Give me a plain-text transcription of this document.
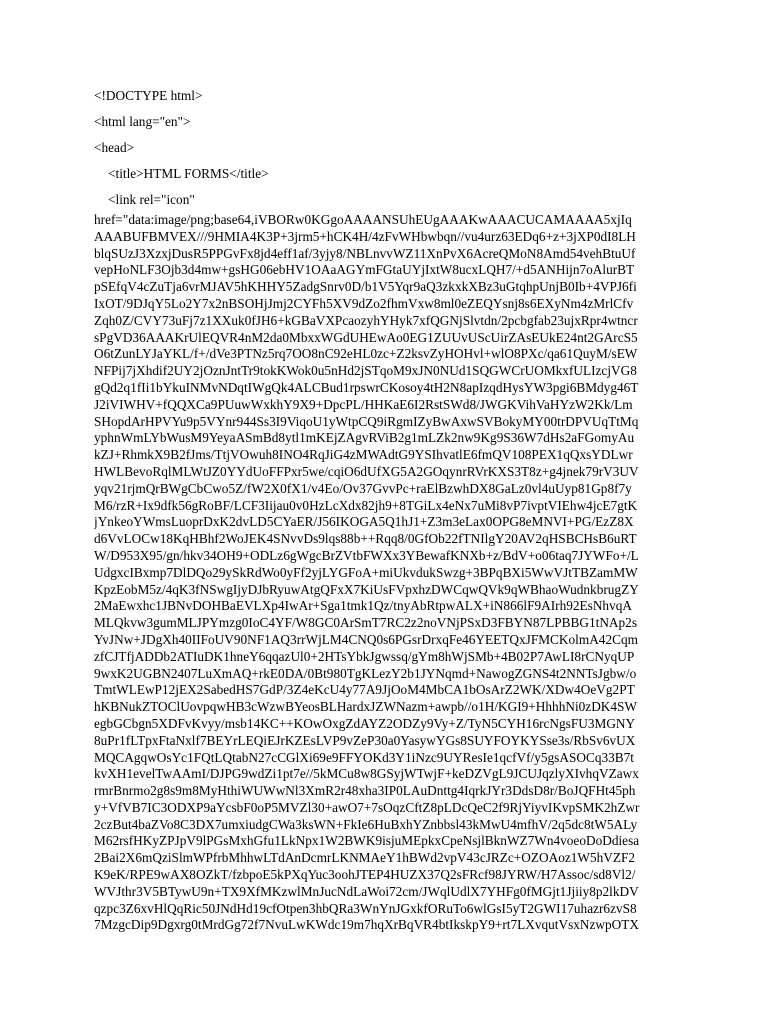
<!DOCTYPE html>

<html lang="en">

<head>

<title>HTML FORMS</title>

<link rel="icon"

href="data:image/png;base64,iVBORw0KGgoAAAANSUhEUgAAAKwAAACUCAMAAAA5xjIq
AAABUFBMVEX///9HMIA4K3P+3jrm5+hCK4H/4zFvWHbwbqn//vu4urz63EDq6+z+3jXP0dI8LH
blqSUzJ3XzxjDusR5PPGvFx8jd4eff1af/3yjy8/NBLnvvWZ11XnPvX6AcreQMoN8Amd54vehBtuUf
vepHoNLF3Ojb3d4mw+gsHG06ebHV1OAaAGYmFGtaUYjIxtW8ucxLQH7/+d5ANHijn7oAlurBT
pSEfqV4cZuTja6vrMJAV5hKHHY5ZadgSnrv0D/b1V5Yqr9aQ3zkxkXBz3uGtqhpUnjB0Ib+4VPJ6fi
IxOT/9DJqY5Lo2Y7x2nBSOHjJmj2CYFh5XV9dZo2fhmVxw8ml0eZEQYsnj8s6EXyNm4zMrlCfv
Zqh0Z/CVY73uFj7z1XXuk0fJH6+kGBaVXPcaozyhYHyk7xfQGNjSlvtdn/2pcbgfab23ujxRpr4wtncr
sPgVD36AAAKrUlEQVR4nM2da0MbxxWGdUHEwAo0EG1ZUUvUScUirZAsEUkE24nt2GArcS5
O6tZunLYJaYKL/f+/dVe3PTNz5rq7OO8nC92eHL0zc+Z2ksvZyHOHvl+wlO8PXc/qa61QuyM/sEW
NFPij7jXhdif2UY2jOznJntTr9tokKWok0u5nHd2jSTqoM9xJN0NUd1SQGWCrUOMkxfULIzcjVG8
gQd2q1fIi1bYkuINMvNDqtIWgQk4ALCBud1rpswrCKosoy4tH2N8apIzqdHysYW3pgi6BMdyg46T
J2iVIWHV+fQQXCa9PUuwWxkhY9X9+DpcPL/HHKaE6I2RstSWd8/JWGKVihVaHYzW2Kk/Lm
SHopdArHPVYu9p5VYnr944Ss3I9ViqoU1yWtpCQ9iRgmIZyBwAxwSVBokyMY00trDPVUqTtMq
yphnWmLYbWusM9YeyaASmBd8ytl1mKEjZAgvRViB2g1mLZk2nw9Kg9S36W7dHs2aFGomyAu
kZJ+RhmkX9B2fJms/TtjVOwuh8INO4RqJiG4zMWAdtG9YSIhvatlE6fmQV108PEX1qQxsYDLwr
HWLBevoRqlMLWtJZ0YYdUoFFPxr5we/cqiO6dUfXG5A2GOqynrRVrKXS3T8z+g4jnek79rV3UV
yqv21rjmQrBWgCbCwo5Z/fW2X0fX1/v4Eo/Ov37GvvPc+raElBzwhDX8GaLz0vl4uUyp81Gp8f7y
M6/rzR+Ix9dfk56gRoBF/LCF3Iijau0v0HzLcXdx82jh9+8TGiLx4eNx7uMi8vP7ivptVIEhw4jcE7gtK
jYnkeoYWmsLuoprDxK2dvLD5CYaER/J56IKOGA5Q1hJ1+Z3m3eLax0OPG8eMNVI+PG/EzZ8X
d6VvLOCw18KqHBhf2WoJEK4SNvvDs9lqs88b++Rqq8/0GfOb22fTNIlgY20AV2qHSBCHsB6uRT
W/D953X95/gn/hkv34OH9+ODLz6gWgcBrZVtbFWXx3YBewafKNXb+z/BdV+o06taq7JYWFo+/L
UdgxcIBxmp7DlDQo29ySkRdWo0yFf2yjLYGFoA+miUkvdukSwzg+3BPqBXi5WwVJtTBZamMW
KpzEobM5z/4qK3fNSwgIjyDJbRyuwAtgQFxX7KiUsFVpxhzDWCqwQVk9qWBhaoWudnkbrugZY
2MaEwxhc1JBNvDOHBaEVLXp4IwAr+Sga1tmk1Qz/tnyAbRtpwALX+iN866lF9AIrh92EsNhvqA
MLQkvw3gumMLJPYmzg0IoC4YF/W8GC0ArSmT7RC2z2noVNjPSxD3FBYN87LPBBG1tNAp2s
YvJNw+JDgXh40IIFoUV90NF1AQ3rrWjLM4CNQ0s6PGsrDrxqFe46YEETQxJFMCKolmA42Cqm
zfCJTfjADDb2ATIuDK1hneY6qqazUl0+2HTsYbkJgwssq/gYm8hWjSMb+4B02P7AwLI8rCNyqUP
9wxK2UGBN2407LuXmAQ+rkE0DA/0Bt980TgKLezY2b1JYNqmd+NawogZGNS4t2NNTsJgbw/o
TmtWLEwP12jEX2SabedHS7GdP/3Z4eKcU4y77A9JjOoM4MbCA1bOsArZ2WK/XDw4OeVg2PT
hKBNukZTOClUovpqwHB3cWzwBYeosBLHardxJZWNazm+awpb//o1H/KGI9+HhhhNi0zDK4SW
egbGCbgn5XDFvKvyy/msb14KC++KOwOxgZdAYZ2ODZy9Vy+Z/TyN5CYH16rcNgsFU3MGNY
8uPr1fLTpxFtaNxlf7BEYrLEQiEJrKZEsLVP9vZeP30a0YasywYGs8SUYFOYKYSse3s/RbSv6vUX
MQCAgqwOsYc1FQtLQtabN27cCGlXi69e9FFYOKd3Y1iNzc9UYResIe1qcfVf/y5gsASOCq33B7t
kvXH1evelTwAAmI/DJPG9wdZi1pt7e//5kMCu8w8GSyjWTwjF+keDZVgL9JCUJqzlyXIvhqVZawx
rmrBnrmo2g8s9m8MyHthiWUWwNl3XmR2r48xha3IP0LAuDnttg4IqrkJYr3DdsD8r/BoJQFHt45ph
y+VfVB7IC3ODXP9aYcsbF0oP5MVZl30+awO7+7sOqzCftZ8pLDcQeC2f9RjYiyvIKvpSMK2hZwr
2czBut4baZVo8C3DX7umxiudgCWa3ksWN+FkIe6HuBxhYZnbbsl43kMwU4mfhV/2q5dc8tW5ALy
M62rsfHKyZPJpV9lPGsMxhGfu1LkNpx1W2BWK9isjuMEpkxCpeNsjlBknWZ7Wn4voeoDoDdiesa
2Bai2X6mQziSlmWPfrbMhhwLTdAnDcmrLKNMAeY1hBWd2vpV43cJRZc+OZOAoz1W5hVZF2
K9eK/RPE9wAX8OZkT/fzbpoE5kPXqYuc3oohJTEP4HUZX37Q2sFRcf98JYRW/H7Assoc/sd8Vl2/
WVJthr3V5BTywU9n+TX9XfMKzwlMnJucNdLaWoi72cm/JWqlUdlX7YHFg0fMGjt1Jjiiy8p2lkDV
qzpc3Z6xvHlQqRic50JNdHd19cfOtpen3hbQRa3WnYnJGxkfORuTo6wlGsI5yT2GWI17uhazr6zvS8
7MzgcDip9Dgxrg0tMrdGg72f7NvuLwKWdc19m7hqXrBqVR4btIkskpY9+rt7LXvqutVsxNzwpOTX
